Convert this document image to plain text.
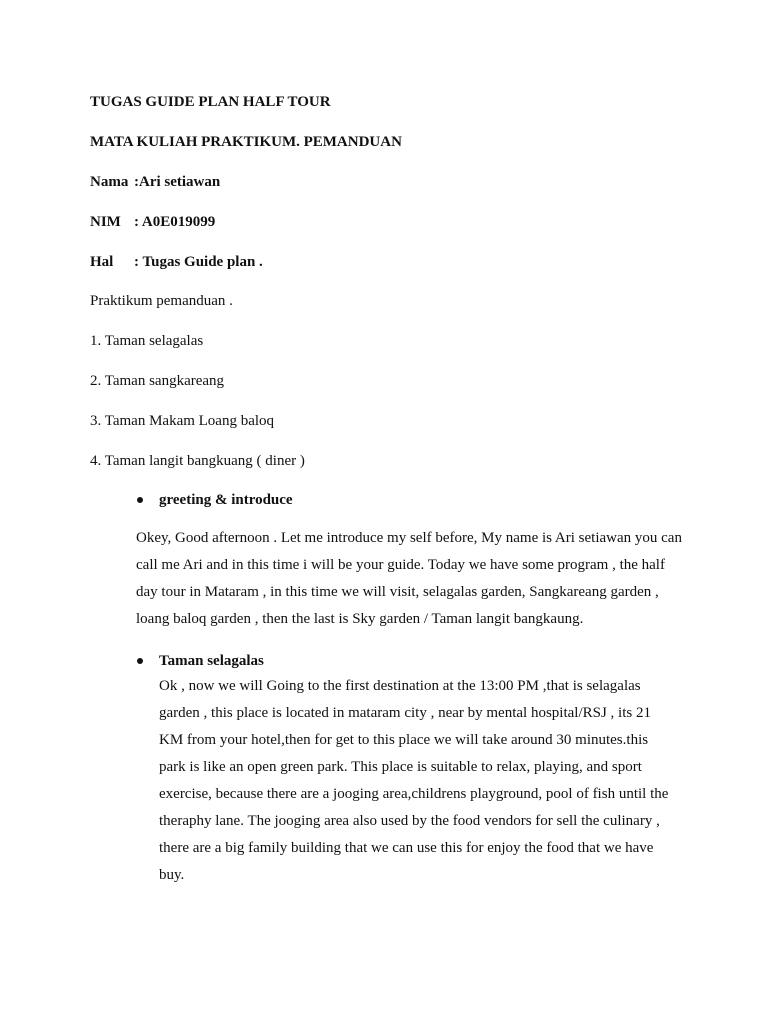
TUGAS GUIDE PLAN HALF TOUR
MATA KULIAH PRAKTIKUM. PEMANDUAN
Nama :Ari setiawan
NIM : A0E019099
Hal : Tugas Guide plan .
Praktikum pemanduan .
1. Taman selagalas
2. Taman sangkareang
3. Taman Makam Loang baloq
4. Taman langit bangkuang ( diner )
greeting & introduce
Okey, Good afternoon . Let me introduce my self before, My name is Ari setiawan you can
call me Ari and in this time i will be your guide. Today we have some program , the half
day tour in Mataram , in this time we will visit, selagalas garden, Sangkareang garden ,
loang baloq garden , then the last is Sky garden / Taman langit bangkaung.
Taman selagalas
Ok , now we will Going to the first destination at the 13:00 PM ,that is selagalas
garden , this place is located in mataram city , near by mental hospital/RSJ , its 21
KM from your hotel,then for get to this place we will take around 30 minutes.this
park is like an open green park. This place is suitable to relax, playing, and sport
exercise, because there are a jooging area,childrens playground, pool of fish until the
theraphy lane. The jooging area also used by the food vendors for sell the culinary ,
there are a big family building that we can use this for enjoy the food that we have
buy.
